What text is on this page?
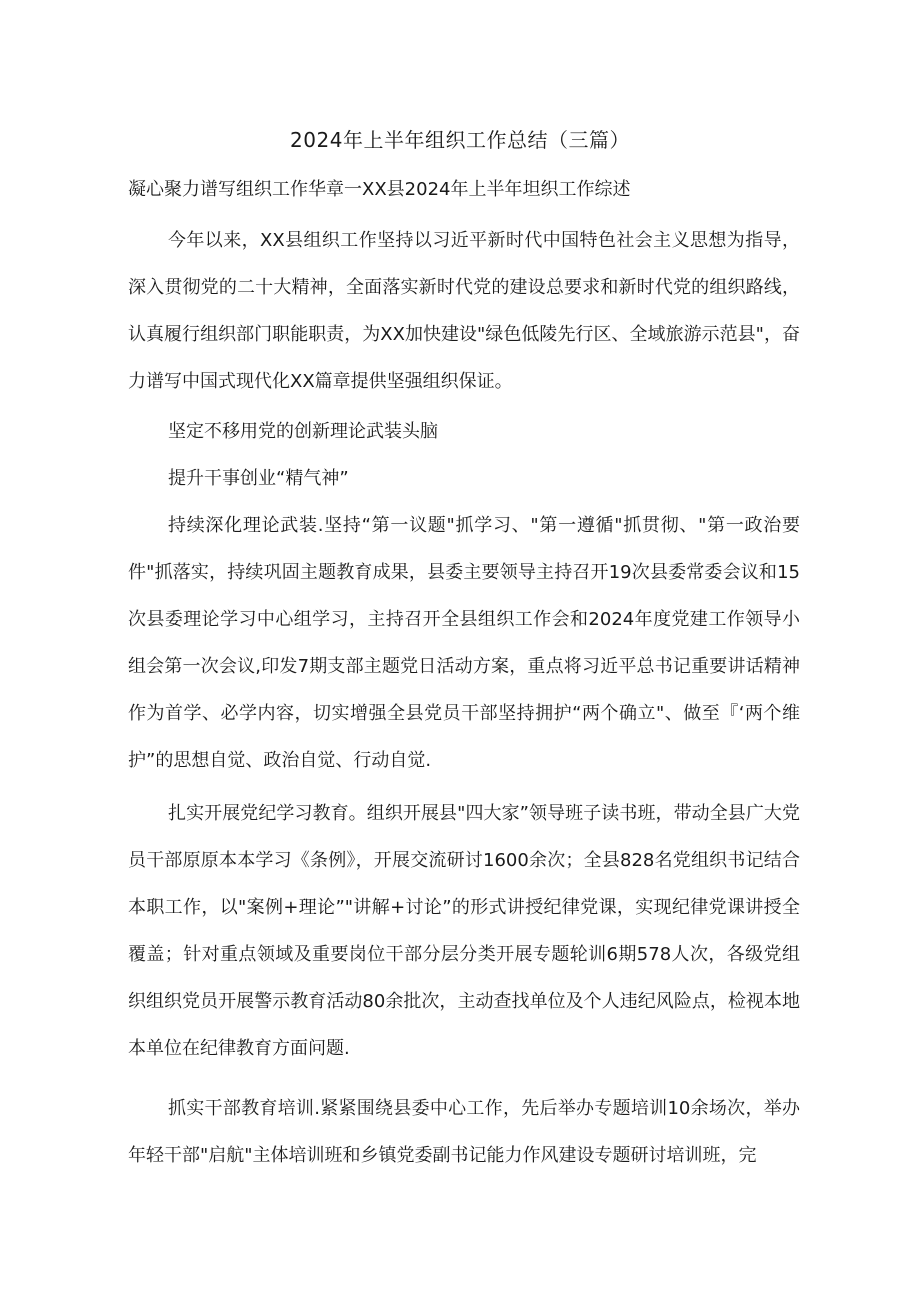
2024年上半年组织工作总结（三篇）

凝心聚力谱写组织工作华章一XX县2024年上半年坦织工作综述

今年以来，XX县组织工作坚持以习近平新时代中国特色社会主义思想为指导，深入贯彻党的二十大精神，全面落实新时代党的建设总要求和新时代党的组织路线，认真履行组织部门职能职责，为XX加快建设"绿色低陵先行区、全域旅游示范县"，奋力谱写中国式现代化XX篇章提供坚强组织保证。

坚定不移用党的创新理论武装头脑

提升干事创业“精气神”

持续深化理论武装.坚持“第一议题"抓学习、"第一遵循"抓贯彻、"第一政治要件"抓落实，持续巩固主题教育成果，县委主要领导主持召开19次县委常委会议和15次县委理论学习中心组学习，主持召开全县组织工作会和2024年度党建工作领导小组会第一次会议,印发7期支部主题党日活动方案，重点将习近平总书记重要讲话精神作为首学、必学内容，切实增强全县党员干部坚持拥护“两个确立"、做至『‘两个维护”的思想自觉、政治自觉、行动自觉.

扎实开展党纪学习教育。组织开展县"四大家”领导班子读书班，带动全县广大党员干部原原本本学习《条例》，开展交流研讨1600余次；全县828名党组织书记结合本职工作，以"案例+理论”"讲解+讨论”的形式讲授纪律党课，实现纪律党课讲授全覆盖；针对重点领域及重要岗位干部分层分类开展专题轮训6期578人次，各级党组织组织党员开展警示教育活动80余批次，主动查找单位及个人违纪风险点，检视本地本单位在纪律教育方面问题.

抓实干部教育培训.紧紧围绕县委中心工作，先后举办专题培训10余场次，举办年轻干部"启航"主体培训班和乡镇党委副书记能力作风建设专题研讨培训班，完
